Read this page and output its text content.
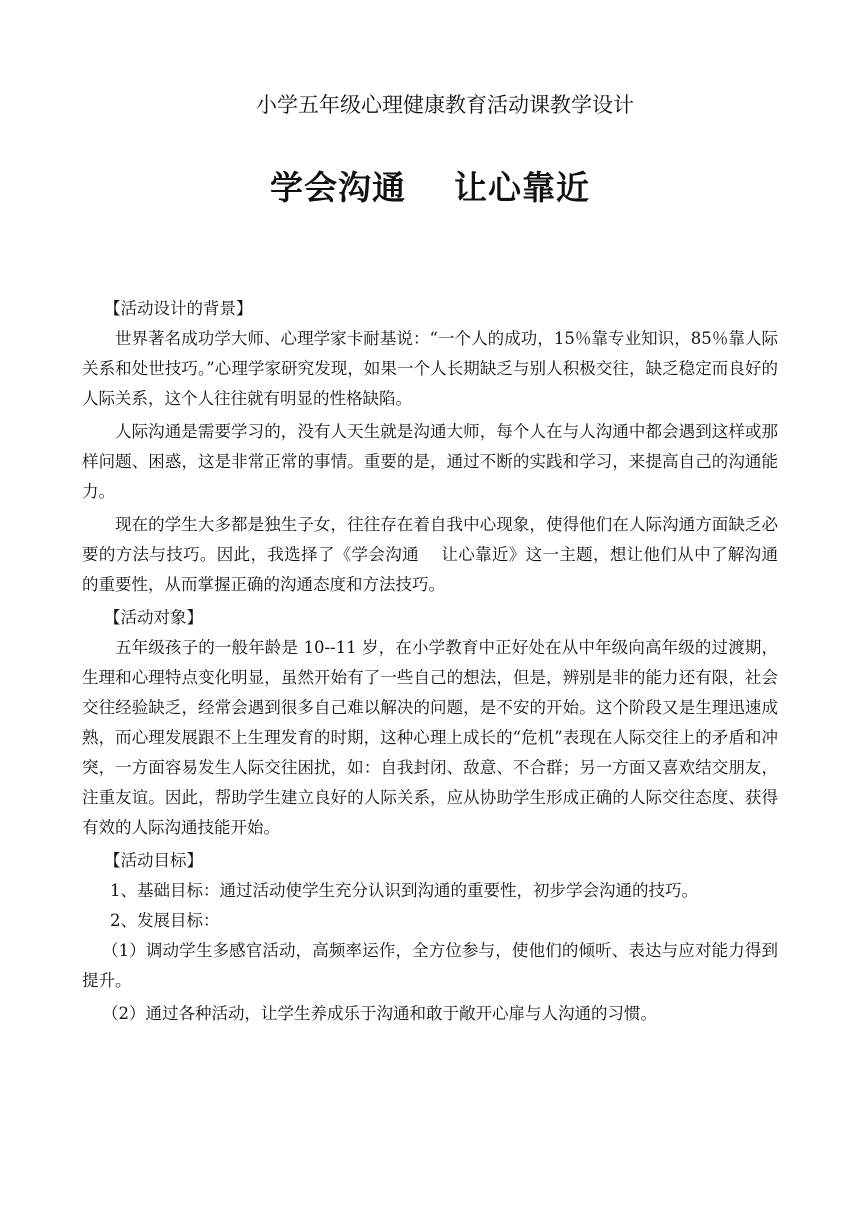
小学五年级心理健康教育活动课教学设计

学会沟通 让心靠近

【活动设计的背景】

世界著名成功学大师、心理学家卡耐基说：“一个人的成功，15％靠专业知识，85％靠人际关系和处世技巧。”心理学家研究发现，如果一个人长期缺乏与别人积极交往，缺乏稳定而良好的人际关系，这个人往往就有明显的性格缺陷。

人际沟通是需要学习的，没有人天生就是沟通大师，每个人在与人沟通中都会遇到这样或那样问题、困惑，这是非常正常的事情。重要的是，通过不断的实践和学习，来提高自己的沟通能力。

现在的学生大多都是独生子女，往往存在着自我中心现象，使得他们在人际沟通方面缺乏必要的方法与技巧。因此，我选择了《学会沟通　 让心靠近》这一主题，想让他们从中了解沟通的重要性，从而掌握正确的沟通态度和方法技巧。

【活动对象】

五年级孩子的一般年龄是 10--11 岁，在小学教育中正好处在从中年级向高年级的过渡期，生理和心理特点变化明显，虽然开始有了一些自己的想法，但是，辨别是非的能力还有限，社会交往经验缺乏，经常会遇到很多自己难以解决的问题，是不安的开始。这个阶段又是生理迅速成熟，而心理发展跟不上生理发育的时期，这种心理上成长的“危机”表现在人际交往上的矛盾和冲突，一方面容易发生人际交往困扰，如：自我封闭、敌意、不合群；另一方面又喜欢结交朋友，注重友谊。因此，帮助学生建立良好的人际关系，应从协助学生形成正确的人际交往态度、获得有效的人际沟通技能开始。

【活动目标】

1、基础目标：通过活动使学生充分认识到沟通的重要性，初步学会沟通的技巧。

2、发展目标：

（1）调动学生多感官活动，高频率运作，全方位参与，使他们的倾听、表达与应对能力得到提升。

（2）通过各种活动，让学生养成乐于沟通和敢于敞开心扉与人沟通的习惯。
